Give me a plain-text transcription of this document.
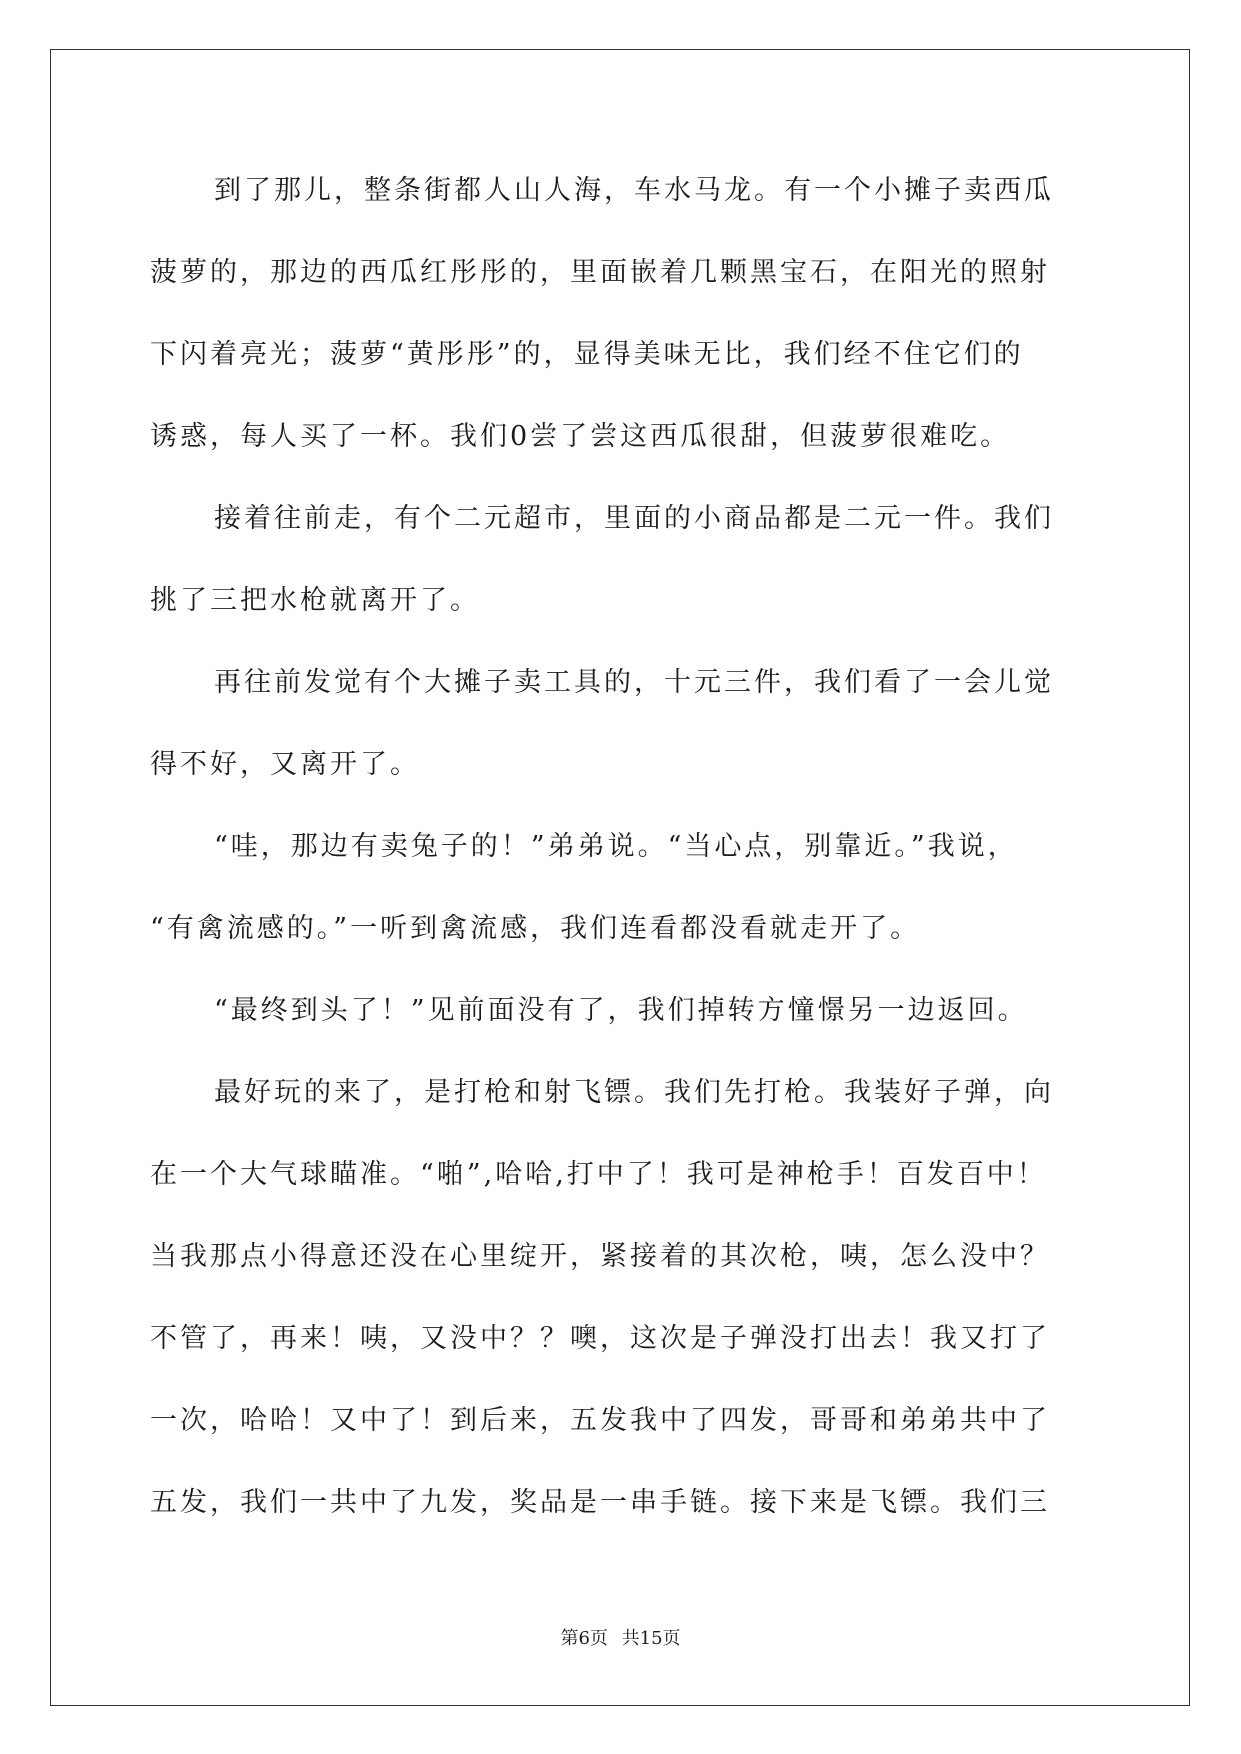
到了那儿，整条街都人山人海，车水马龙。有一个小摊子卖西瓜
菠萝的，那边的西瓜红彤彤的，里面嵌着几颗黑宝石，在阳光的照射
下闪着亮光；菠萝“黄彤彤”的，显得美味无比，我们经不住它们的
诱惑，每人买了一杯。我们0尝了尝这西瓜很甜，但菠萝很难吃。
接着往前走，有个二元超市，里面的小商品都是二元一件。我们
挑了三把水枪就离开了。
再往前发觉有个大摊子卖工具的，十元三件，我们看了一会儿觉
得不好，又离开了。
“哇，那边有卖兔子的！”弟弟说。“当心点，别靠近。”我说，
“有禽流感的。”一听到禽流感，我们连看都没看就走开了。
“最终到头了！”见前面没有了，我们掉转方憧憬另一边返回。
最好玩的来了，是打枪和射飞镖。我们先打枪。我装好子弹，向
在一个大气球瞄准。“啪”,哈哈,打中了！我可是神枪手！百发百中！
当我那点小得意还没在心里绽开，紧接着的其次枪，咦，怎么没中？
不管了，再来！咦，又没中？？噢，这次是子弹没打出去！我又打了
一次，哈哈！又中了！到后来，五发我中了四发，哥哥和弟弟共中了
五发，我们一共中了九发，奖品是一串手链。接下来是飞镖。我们三
第6页 共15页
